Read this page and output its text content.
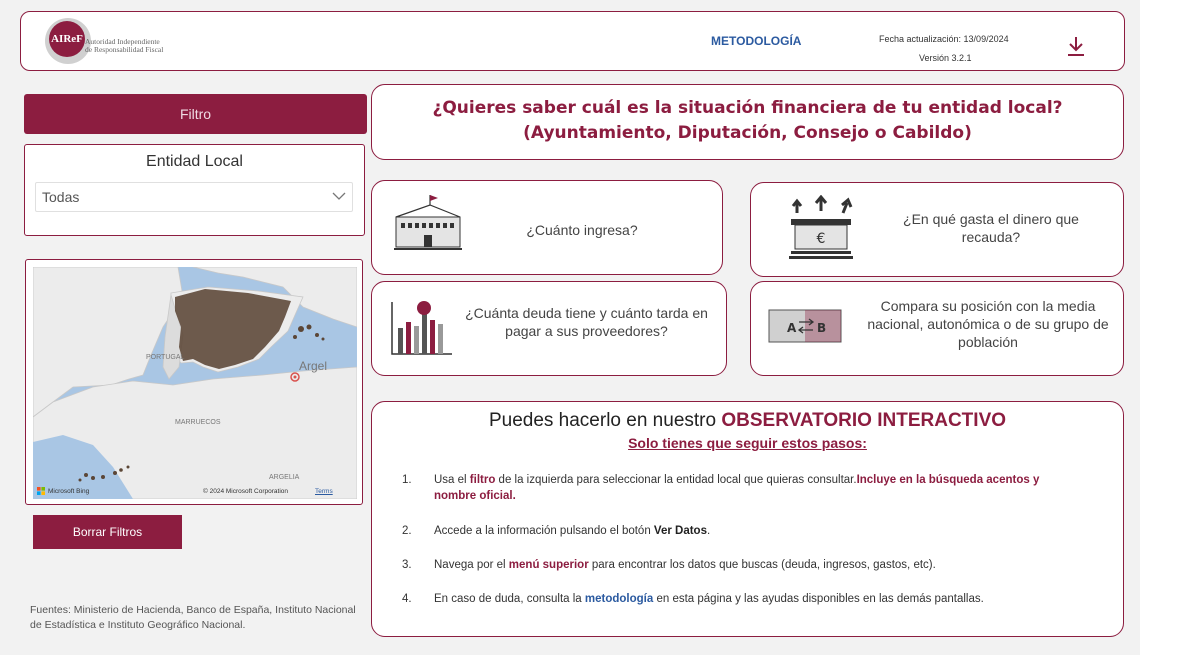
AIReF Autoridad Independiente
de Responsabilidad Fiscal
METODOLOGÍA	Fecha actualización: 13/09/2024
Versión 3.2.1
Filtro
Entidad Local
Todas
PORTUGAL
Argel
MARRUECOS
ARGELIA
Microsoft Bing	© 2024 Microsoft Corporation	Terms
Borrar Filtros
Fuentes: Ministerio de Hacienda, Banco de España, Instituto Nacional de Estadística e Instituto Geográfico Nacional.
¿Quieres saber cuál es la situación financiera de tu entidad local?
(Ayuntamiento, Diputación, Consejo o Cabildo)
¿Cuánto ingresa?
€
¿En qué gasta el dinero que recauda?
¿Cuánta deuda tiene y cuánto tarda en pagar a sus proveedores?	A B
Compara su posición con la media nacional, autonómica o de su grupo de población
Puedes hacerlo en nuestro OBSERVATORIO INTERACTIVO
Solo tienes que seguir estos pasos:
1. Usa el filtro de la izquierda para seleccionar la entidad local que quieras consultar.Incluye en la búsqueda acentos y nombre oficial.
2. Accede a la información pulsando el botón Ver Datos.
3. Navega por el menú superior para encontrar los datos que buscas (deuda, ingresos, gastos, etc).
4. En caso de duda, consulta la metodología en esta página y las ayudas disponibles en las demás pantallas.
